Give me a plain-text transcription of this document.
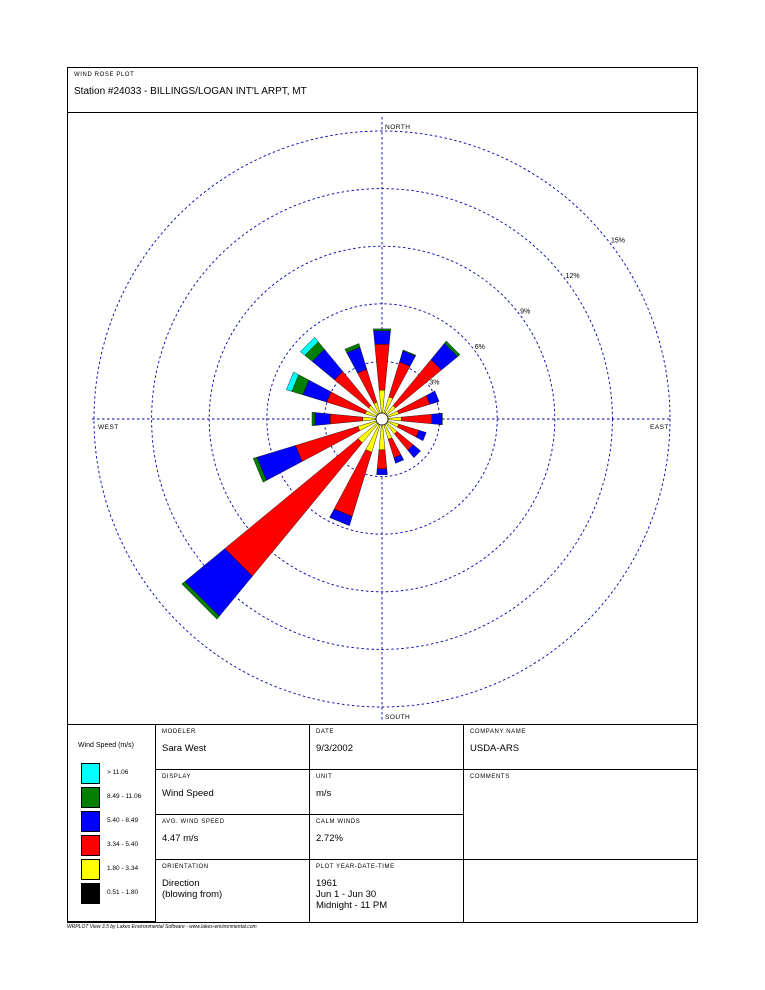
WIND ROSE PLOT
Station #24033 - BILLINGS/LOGAN INT'L ARPT, MT
3%
6%
9%
12%
15%
NORTH
SOUTH
EAST
WEST
Wind Speed (m/s)
> 11.06
8.49 - 11.06
5.40 - 8.49
3.34 - 5.40
1.80 - 3.34
0.51 - 1.80
MODELER
Sara West
DATE
9/3/2002
COMPANY NAME
USDA-ARS
DISPLAY
Wind Speed
UNIT
m/s
COMMENTS
AVG. WIND SPEED
4.47 m/s
CALM WINDS
2.72%
ORIENTATION
Direction
(blowing from)
PLOT YEAR-DATE-TIME
1961
Jun 1 - Jun 30
Midnight - 11 PM
WRPLOT View 3.5 by Lakes Environmental Software - www.lakes-environmental.com
